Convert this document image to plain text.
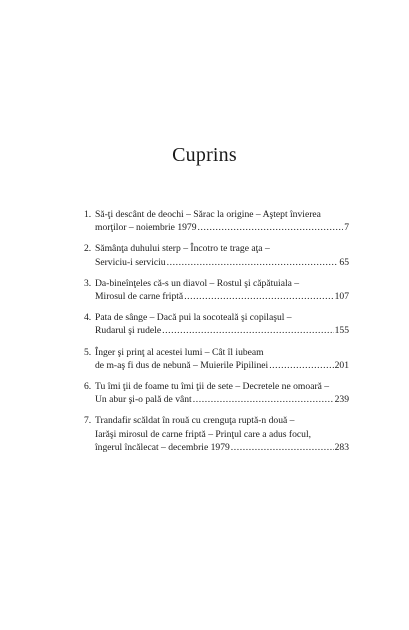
Cuprins
1. Să-ţi descânt de deochi – Sărac la origine – Aştept învierea
morţilor – noiembrie 1979 .....	7
2. Sămânţa duhului sterp – Încotro te trage aţa –
Serviciu-i serviciu .....	65
3. Da-bineînţeles că-s un diavol – Rostul şi căpătuiala –
Mirosul de carne friptă .....	107
4. Pata de sânge – Dacă pui la socoteală şi copilaşul –
Rudarul şi rudele .....	155
5. Înger şi prinţ al acestei lumi – Cât îl iubeam
de m-aş fi dus de nebună – Muierile Pipilinei .....	201
6. Tu îmi ţii de foame tu îmi ţii de sete – Decretele ne omoară –
Un abur şi-o pală de vânt .....	239
7. Trandafir scăldat în rouă cu crenguţa ruptă-n două –
Iarăşi mirosul de carne friptă – Prinţul care a adus focul,
îngerul încălecat – decembrie 1979 .....	283
